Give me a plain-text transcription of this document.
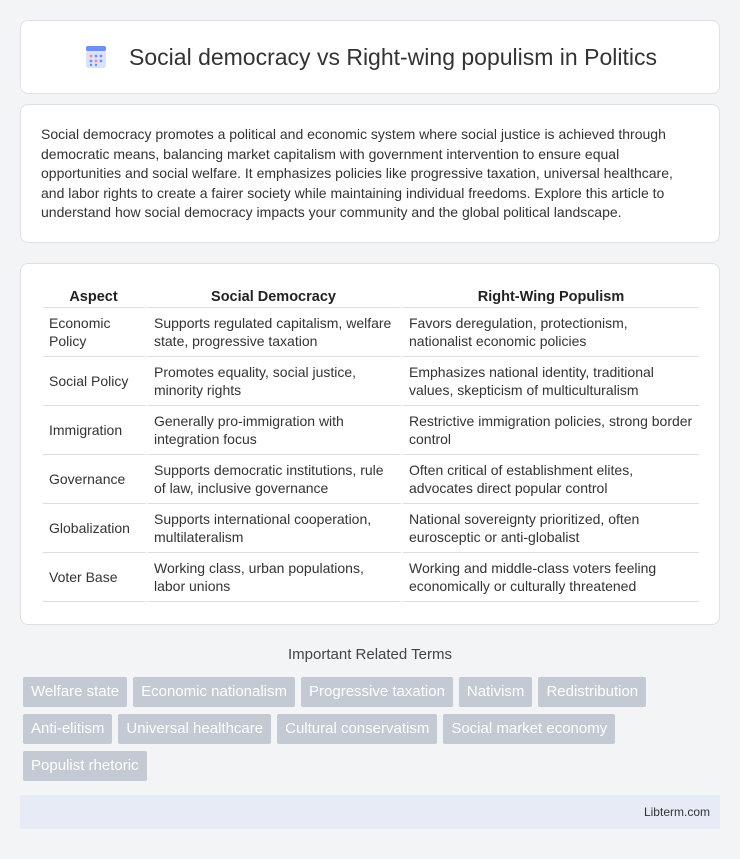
Social democracy vs Right-wing populism in Politics

Social democracy promotes a political and economic system where social justice is achieved through democratic means, balancing market capitalism with government intervention to ensure equal opportunities and social welfare. It emphasizes policies like progressive taxation, universal healthcare, and labor rights to create a fairer society while maintaining individual freedoms. Explore this article to understand how social democracy impacts your community and the global political landscape.

Aspect	Social Democracy	Right-Wing Populism
Economic Policy	Supports regulated capitalism, welfare state, progressive taxation	Favors deregulation, protectionism, nationalist economic policies
Social Policy	Promotes equality, social justice, minority rights	Emphasizes national identity, traditional values, skepticism of multiculturalism
Immigration	Generally pro-immigration with integration focus	Restrictive immigration policies, strong border control
Governance	Supports democratic institutions, rule of law, inclusive governance	Often critical of establishment elites, advocates direct popular control
Globalization	Supports international cooperation, multilateralism	National sovereignty prioritized, often eurosceptic or anti-globalist
Voter Base	Working class, urban populations, labor unions	Working and middle-class voters feeling economically or culturally threatened
Important Related Terms
Welfare state	Economic nationalism	Progressive taxation	Nativism	Redistribution
Anti-elitism	Universal healthcare	Cultural conservatism	Social market economy
Populist rhetoric
Libterm.com
